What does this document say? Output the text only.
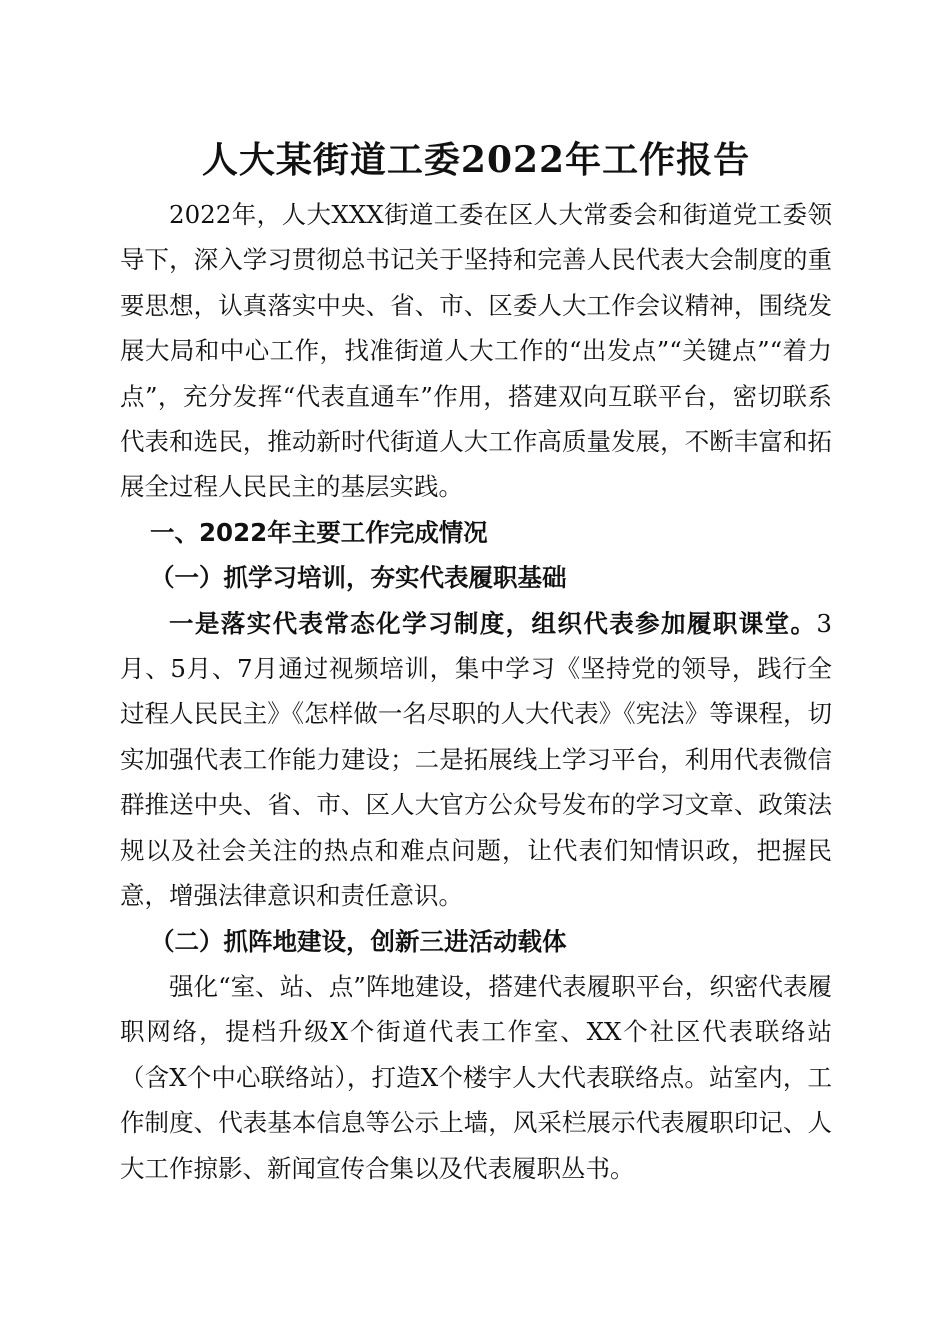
人大某街道工委2022年工作报告

2022年，人大XXX街道工委在区人大常委会和街道党工委领导下，深入学习贯彻总书记关于坚持和完善人民代表大会制度的重要思想，认真落实中央、省、市、区委人大工作会议精神，围绕发展大局和中心工作，找准街道人大工作的“出发点”“关键点”“着力点”，充分发挥“代表直通车”作用，搭建双向互联平台，密切联系代表和选民，推动新时代街道人大工作高质量发展，不断丰富和拓展全过程人民民主的基层实践。

一、2022年主要工作完成情况
（一）抓学习培训，夯实代表履职基础

一是落实代表常态化学习制度，组织代表参加履职课堂。3月、5月、7月通过视频培训，集中学习《坚持党的领导，践行全过程人民民主》《怎样做一名尽职的人大代表》《宪法》等课程，切实加强代表工作能力建设；二是拓展线上学习平台，利用代表微信群推送中央、省、市、区人大官方公众号发布的学习文章、政策法规以及社会关注的热点和难点问题，让代表们知情识政，把握民意，增强法律意识和责任意识。

（二）抓阵地建设，创新三进活动载体

强化“室、站、点”阵地建设，搭建代表履职平台，织密代表履职网络，提档升级X个街道代表工作室、XX个社区代表联络站（含X个中心联络站），打造X个楼宇人大代表联络点。站室内，工作制度、代表基本信息等公示上墙，风采栏展示代表履职印记、人大工作掠影、新闻宣传合集以及代表履职丛书。
